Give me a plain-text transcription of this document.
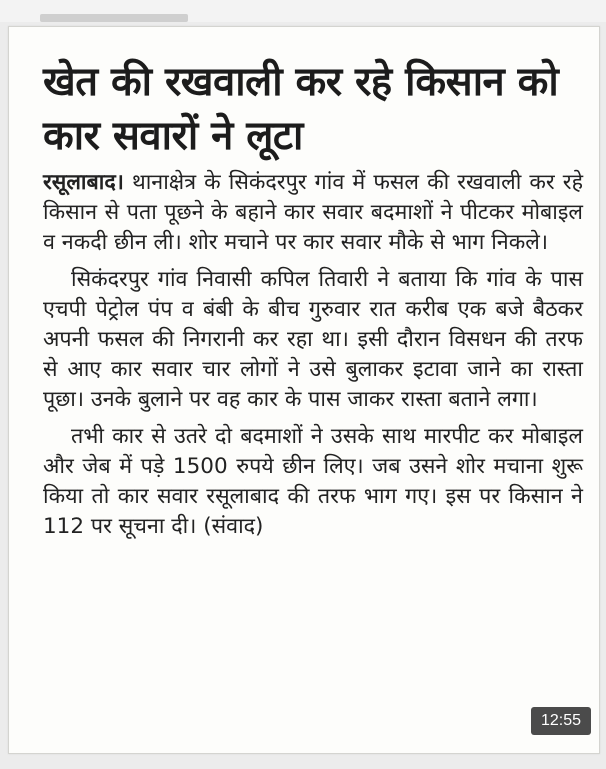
खेत की रखवाली कर रहे किसान को कार सवारों ने लूटा

रसूलाबाद। थानाक्षेत्र के सिकंदरपुर गांव में फसल की रखवाली कर रहे किसान से पता पूछने के बहाने कार सवार बदमाशों ने पीटकर मोबाइल व नकदी छीन ली। शोर मचाने पर कार सवार मौके से भाग निकले।

सिकंदरपुर गांव निवासी कपिल तिवारी ने बताया कि गांव के पास एचपी पेट्रोल पंप व बंबी के बीच गुरुवार रात करीब एक बजे बैठकर अपनी फसल की निगरानी कर रहा था। इसी दौरान विसधन की तरफ से आए कार सवार चार लोगों ने उसे बुलाकर इटावा जाने का रास्ता पूछा। उनके बुलाने पर वह कार के पास जाकर रास्ता बताने लगा।

तभी कार से उतरे दो बदमाशों ने उसके साथ मारपीट कर मोबाइल और जेब में पड़े 1500 रुपये छीन लिए। जब उसने शोर मचाना शुरू किया तो कार सवार रसूलाबाद की तरफ भाग गए। इस पर किसान ने 112 पर सूचना दी। (संवाद)

12:55
